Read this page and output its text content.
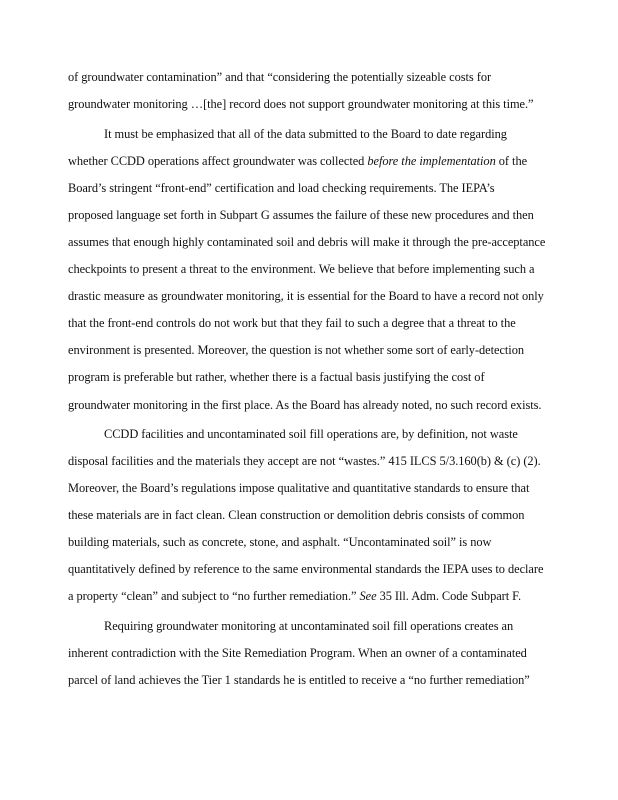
of groundwater contamination” and that “considering the potentially sizeable costs for
groundwater monitoring …[the] record does not support groundwater monitoring at this time.”
It must be emphasized that all of the data submitted to the Board to date regarding
whether CCDD operations affect groundwater was collected before the implementation of the
Board’s stringent “front-end” certification and load checking requirements. The IEPA’s
proposed language set forth in Subpart G assumes the failure of these new procedures and then
assumes that enough highly contaminated soil and debris will make it through the pre-acceptance
checkpoints to present a threat to the environment. We believe that before implementing such a
drastic measure as groundwater monitoring, it is essential for the Board to have a record not only
that the front-end controls do not work but that they fail to such a degree that a threat to the
environment is presented. Moreover, the question is not whether some sort of early-detection
program is preferable but rather, whether there is a factual basis justifying the cost of
groundwater monitoring in the first place. As the Board has already noted, no such record exists.
CCDD facilities and uncontaminated soil fill operations are, by definition, not waste
disposal facilities and the materials they accept are not “wastes.” 415 ILCS 5/3.160(b) & (c) (2).
Moreover, the Board’s regulations impose qualitative and quantitative standards to ensure that
these materials are in fact clean. Clean construction or demolition debris consists of common
building materials, such as concrete, stone, and asphalt. “Uncontaminated soil” is now
quantitatively defined by reference to the same environmental standards the IEPA uses to declare
a property “clean” and subject to “no further remediation.” See 35 Ill. Adm. Code Subpart F.
Requiring groundwater monitoring at uncontaminated soil fill operations creates an
inherent contradiction with the Site Remediation Program. When an owner of a contaminated
parcel of land achieves the Tier 1 standards he is entitled to receive a “no further remediation”
